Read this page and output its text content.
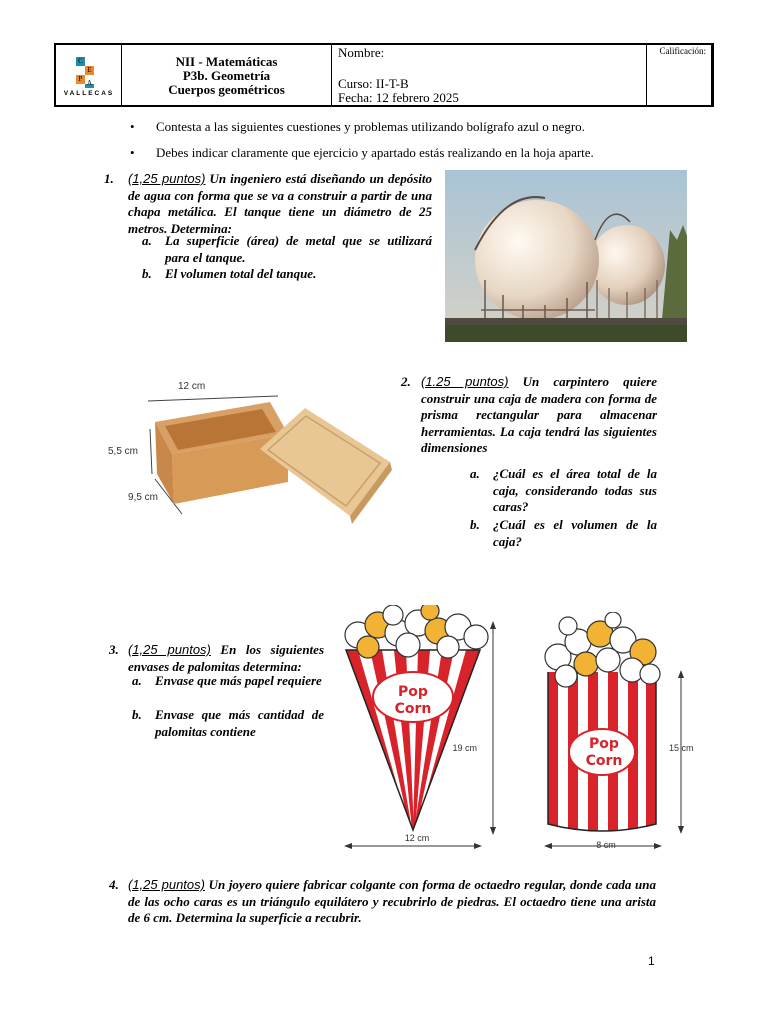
C
E
P A
VALLECAS
NII - Matemáticas
P3b. Geometría
Cuerpos geométricos
Nombre:
Curso: II-T-B
Fecha: 12 febrero 2025
Calificación:
• Contesta a las siguientes cuestiones y problemas utilizando bolígrafo azul o negro.
• Debes indicar claramente que ejercicio y apartado estás realizando en la hoja aparte.
1. (1,25 puntos) Un ingeniero está diseñando un depósito de agua con forma que se va a construir a partir de una chapa metálica. El tanque tiene un diámetro de 25 metros. Determina:
a. La superficie (área) de metal que se utilizará para el tanque.
b. El volumen total del tanque.
12 cm
5,5 cm
9,5 cm
2. (1.25 puntos) Un carpintero quiere construir una caja de madera con forma de prisma rectangular para almacenar herramientas. La caja tendrá las siguientes dimensiones
a. ¿Cuál es el área total de la caja, considerando todas sus caras?
b. ¿Cuál es el volumen de la caja?
3. (1,25 puntos) En los siguientes envases de palomitas determina:
a. Envase que más papel requiere
b. Envase que más cantidad de palomitas contiene
Pop
Corn
19 cm
12 cm
Pop
Corn
15 cm
8 cm
4. (1,25 puntos) Un joyero quiere fabricar colgante con forma de octaedro regular, donde cada una de las ocho caras es un triángulo equilátero y recubrirlo de piedras. El octaedro tiene una arista de 6 cm. Determina la superficie a recubrir.
1
